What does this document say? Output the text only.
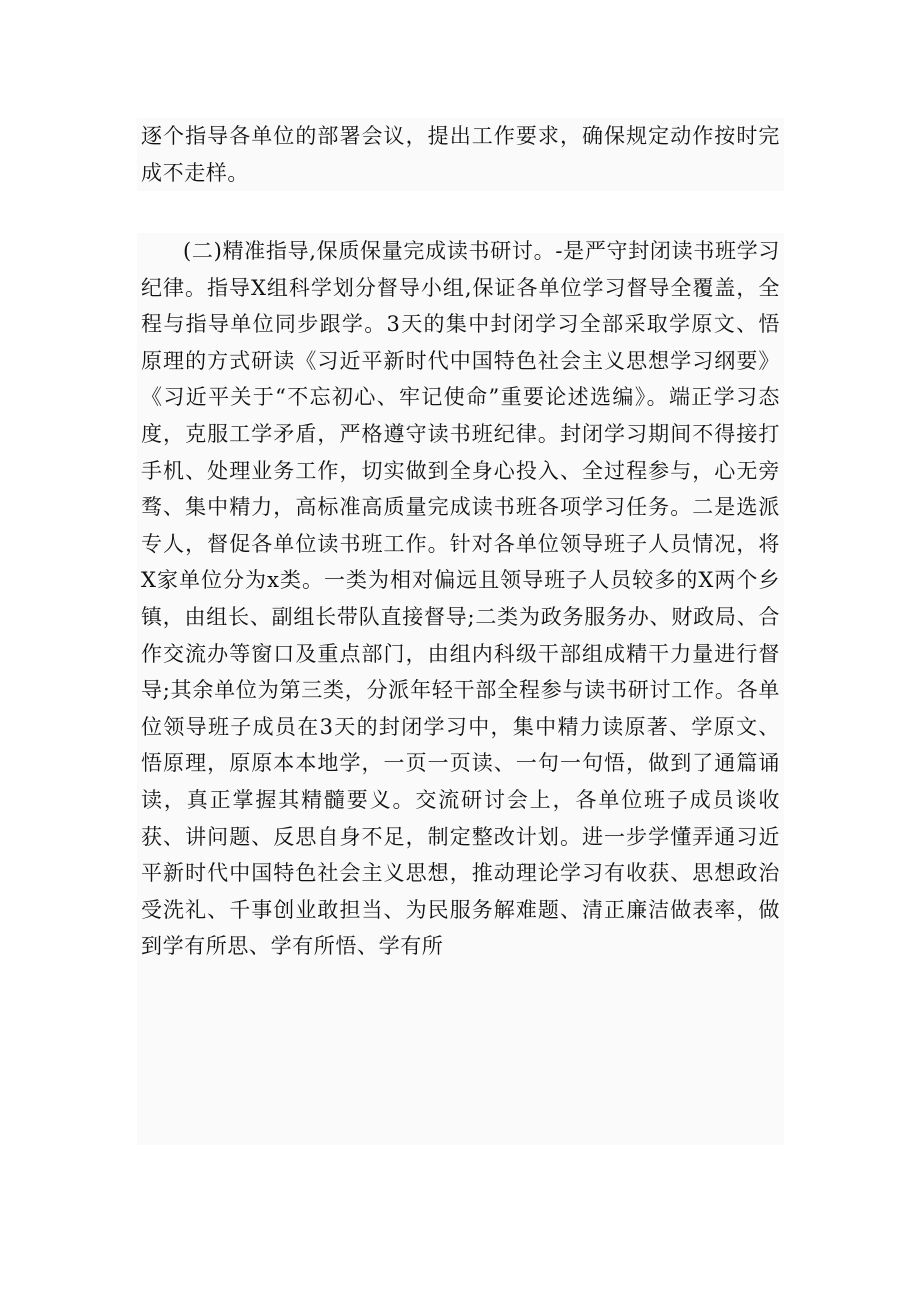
逐个指导各单位的部署会议，提出工作要求，确保规定动作按时完成不走样。

(二)精准指导,保质保量完成读书研讨。-是严守封闭读书班学习纪律。指导X组科学划分督导小组,保证各单位学习督导全覆盖，全程与指导单位同步跟学。3天的集中封闭学习全部采取学原文、悟原理的方式研读《习近平新时代中国特色社会主义思想学习纲要》《习近平关于“不忘初心、牢记使命”重要论述选编》。端正学习态度，克服工学矛盾，严格遵守读书班纪律。封闭学习期间不得接打手机、处理业务工作，切实做到全身心投入、全过程参与，心无旁骛、集中精力，高标准高质量完成读书班各项学习任务。二是选派专人，督促各单位读书班工作。针对各单位领导班子人员情况，将X家单位分为x类。一类为相对偏远且领导班子人员较多的X两个乡镇，由组长、副组长带队直接督导;二类为政务服务办、财政局、合作交流办等窗口及重点部门，由组内科级干部组成精干力量进行督导;其余单位为第三类，分派年轻干部全程参与读书研讨工作。各单位领导班子成员在3天的封闭学习中，集中精力读原著、学原文、悟原理，原原本本地学，一页一页读、一句一句悟，做到了通篇诵读，真正掌握其精髓要义。交流研讨会上，各单位班子成员谈收获、讲问题、反思自身不足，制定整改计划。进一步学懂弄通习近平新时代中国特色社会主义思想，推动理论学习有收获、思想政治受洗礼、千事创业敢担当、为民服务解难题、清正廉洁做表率，做到学有所思、学有所悟、学有所
